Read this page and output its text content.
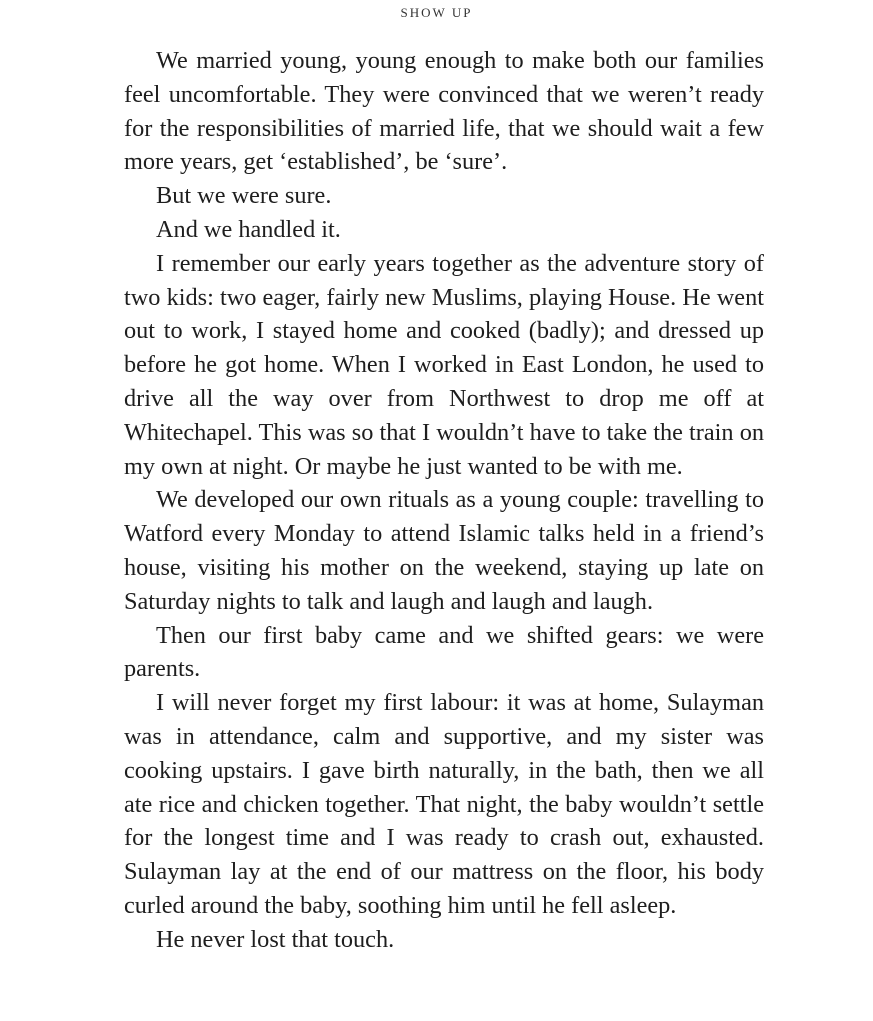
SHOW UP

We married young, young enough to make both our families feel uncomfortable. They were convinced that we weren’t ready for the responsibilities of married life, that we should wait a few more years, get ‘established’, be ‘sure’.

But we were sure.

And we handled it.

I remember our early years together as the adventure story of two kids: two eager, fairly new Muslims, playing House. He went out to work, I stayed home and cooked (badly); and dressed up before he got home. When I worked in East London, he used to drive all the way over from Northwest to drop me off at Whitechapel. This was so that I wouldn’t have to take the train on my own at night. Or maybe he just wanted to be with me.

We developed our own rituals as a young couple: travelling to Watford every Monday to attend Islamic talks held in a friend’s house, visiting his mother on the weekend, staying up late on Saturday nights to talk and laugh and laugh and laugh.

Then our first baby came and we shifted gears: we were parents.

I will never forget my first labour: it was at home, Sulayman was in attendance, calm and supportive, and my sister was cooking upstairs. I gave birth naturally, in the bath, then we all ate rice and chicken together. That night, the baby wouldn’t settle for the longest time and I was ready to crash out, exhausted. Sulayman lay at the end of our mattress on the floor, his body curled around the baby, soothing him until he fell asleep.

He never lost that touch.
